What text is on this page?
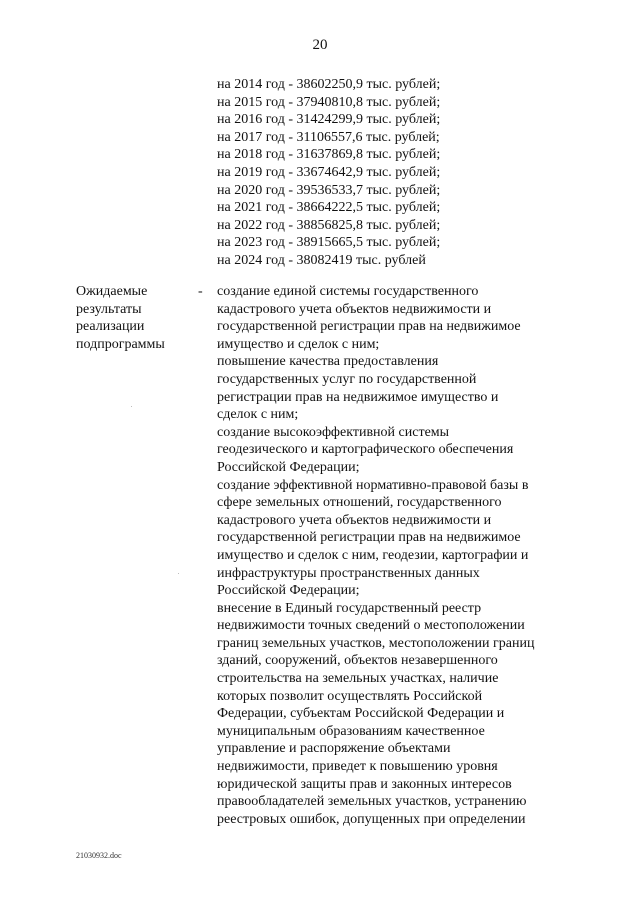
20
на 2014 год - 38602250,9 тыс. рублей;
на 2015 год - 37940810,8 тыс. рублей;
на 2016 год - 31424299,9 тыс. рублей;
на 2017 год - 31106557,6 тыс. рублей;
на 2018 год - 31637869,8 тыс. рублей;
на 2019 год - 33674642,9 тыс. рублей;
на 2020 год - 39536533,7 тыс. рублей;
на 2021 год - 38664222,5 тыс. рублей;
на 2022 год - 38856825,8 тыс. рублей;
на 2023 год - 38915665,5 тыс. рублей;
на 2024 год - 38082419 тыс. рублей
Ожидаемые
результаты
реализации
подпрограммы
- создание единой системы государственного
кадастрового учета объектов недвижимости и
государственной регистрации прав на недвижимое
имущество и сделок с ним;
повышение качества предоставления
государственных услуг по государственной
регистрации прав на недвижимое имущество и
сделок с ним;
создание высокоэффективной системы
геодезического и картографического обеспечения
Российской Федерации;
создание эффективной нормативно-правовой базы в
сфере земельных отношений, государственного
кадастрового учета объектов недвижимости и
государственной регистрации прав на недвижимое
имущество и сделок с ним, геодезии, картографии и
инфраструктуры пространственных данных
Российской Федерации;
внесение в Единый государственный реестр
недвижимости точных сведений о местоположении
границ земельных участков, местоположении границ
зданий, сооружений, объектов незавершенного
строительства на земельных участках, наличие
которых позволит осуществлять Российской
Федерации, субъектам Российской Федерации и
муниципальным образованиям качественное
управление и распоряжение объектами
недвижимости, приведет к повышению уровня
юридической защиты прав и законных интересов
правообладателей земельных участков, устранению
реестровых ошибок, допущенных при определении
21030932.doc
